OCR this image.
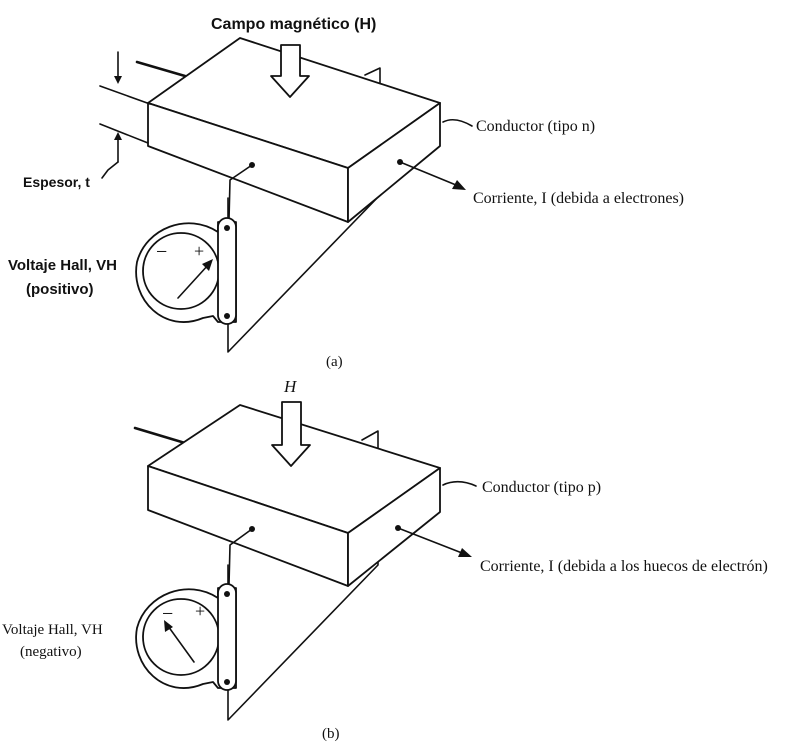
− +
Campo magnético (H)
Conductor (tipo n)
Corriente, I (debida a electrones)
Espesor, t
Voltaje Hall, VH
(positivo)
(a)
− +
H
Conductor (tipo p)
Corriente, I (debida a los huecos de electrón)
Voltaje Hall, VH
(negativo)
(b)
